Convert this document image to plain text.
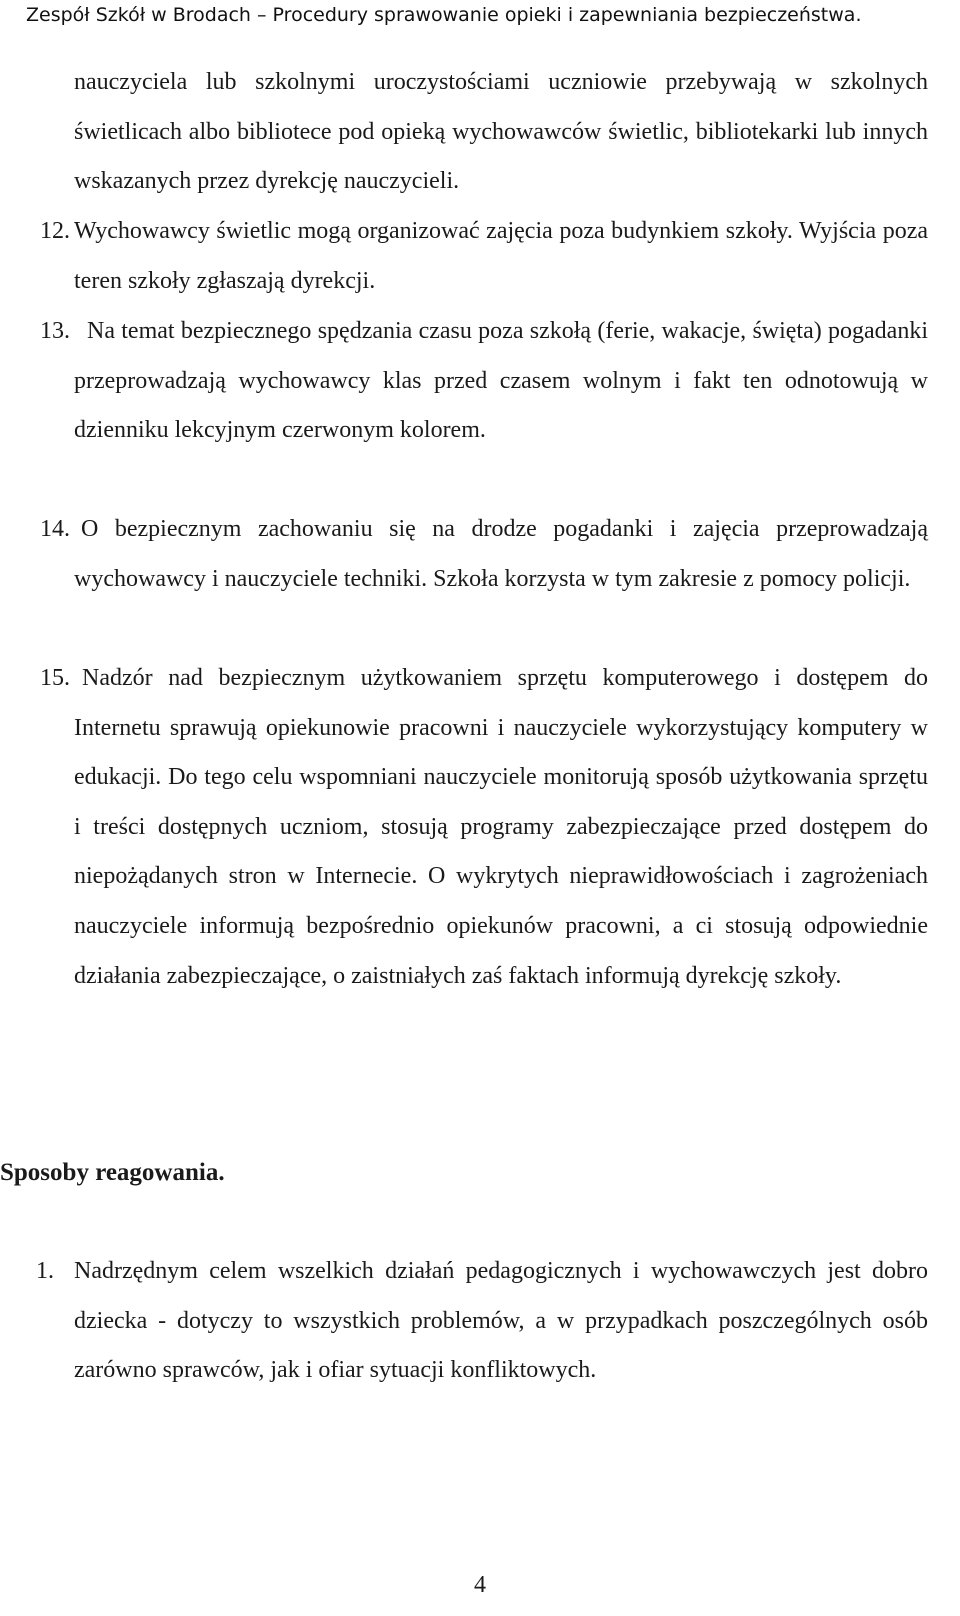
Zespół Szkół w Brodach – Procedury sprawowanie opieki i zapewniania bezpieczeństwa.
nauczyciela lub szkolnymi uroczystościami uczniowie przebywają w szkolnych świetlicach albo bibliotece pod opieką wychowawców świetlic, bibliotekarki lub innych wskazanych przez dyrekcję nauczycieli.
12. Wychowawcy świetlic mogą organizować zajęcia poza budynkiem szkoły. Wyjścia poza teren szkoły zgłaszają dyrekcji.
13. Na temat bezpiecznego spędzania czasu poza szkołą (ferie, wakacje, święta) pogadanki przeprowadzają wychowawcy klas przed czasem wolnym i fakt ten odnotowują w dzienniku lekcyjnym czerwonym kolorem.
14. O bezpiecznym zachowaniu się na drodze pogadanki i zajęcia przeprowadzają wychowawcy i nauczyciele techniki. Szkoła korzysta w tym zakresie z pomocy policji.
15. Nadzór nad bezpiecznym użytkowaniem sprzętu komputerowego i dostępem do Internetu sprawują opiekunowie pracowni i nauczyciele wykorzystujący komputery w edukacji. Do tego celu wspomniani nauczyciele monitorują sposób użytkowania sprzętu i treści dostępnych uczniom, stosują programy zabezpieczające przed dostępem do niepożądanych stron w Internecie. O wykrytych nieprawidłowościach i zagrożeniach nauczyciele informują bezpośrednio opiekunów pracowni, a ci stosują odpowiednie działania zabezpieczające, o zaistniałych zaś faktach informują dyrekcję szkoły.
Sposoby reagowania.
1. Nadrzędnym celem wszelkich działań pedagogicznych i wychowawczych jest dobro dziecka - dotyczy to wszystkich problemów, a w przypadkach poszczególnych osób zarówno sprawców, jak i ofiar sytuacji konfliktowych.
4
